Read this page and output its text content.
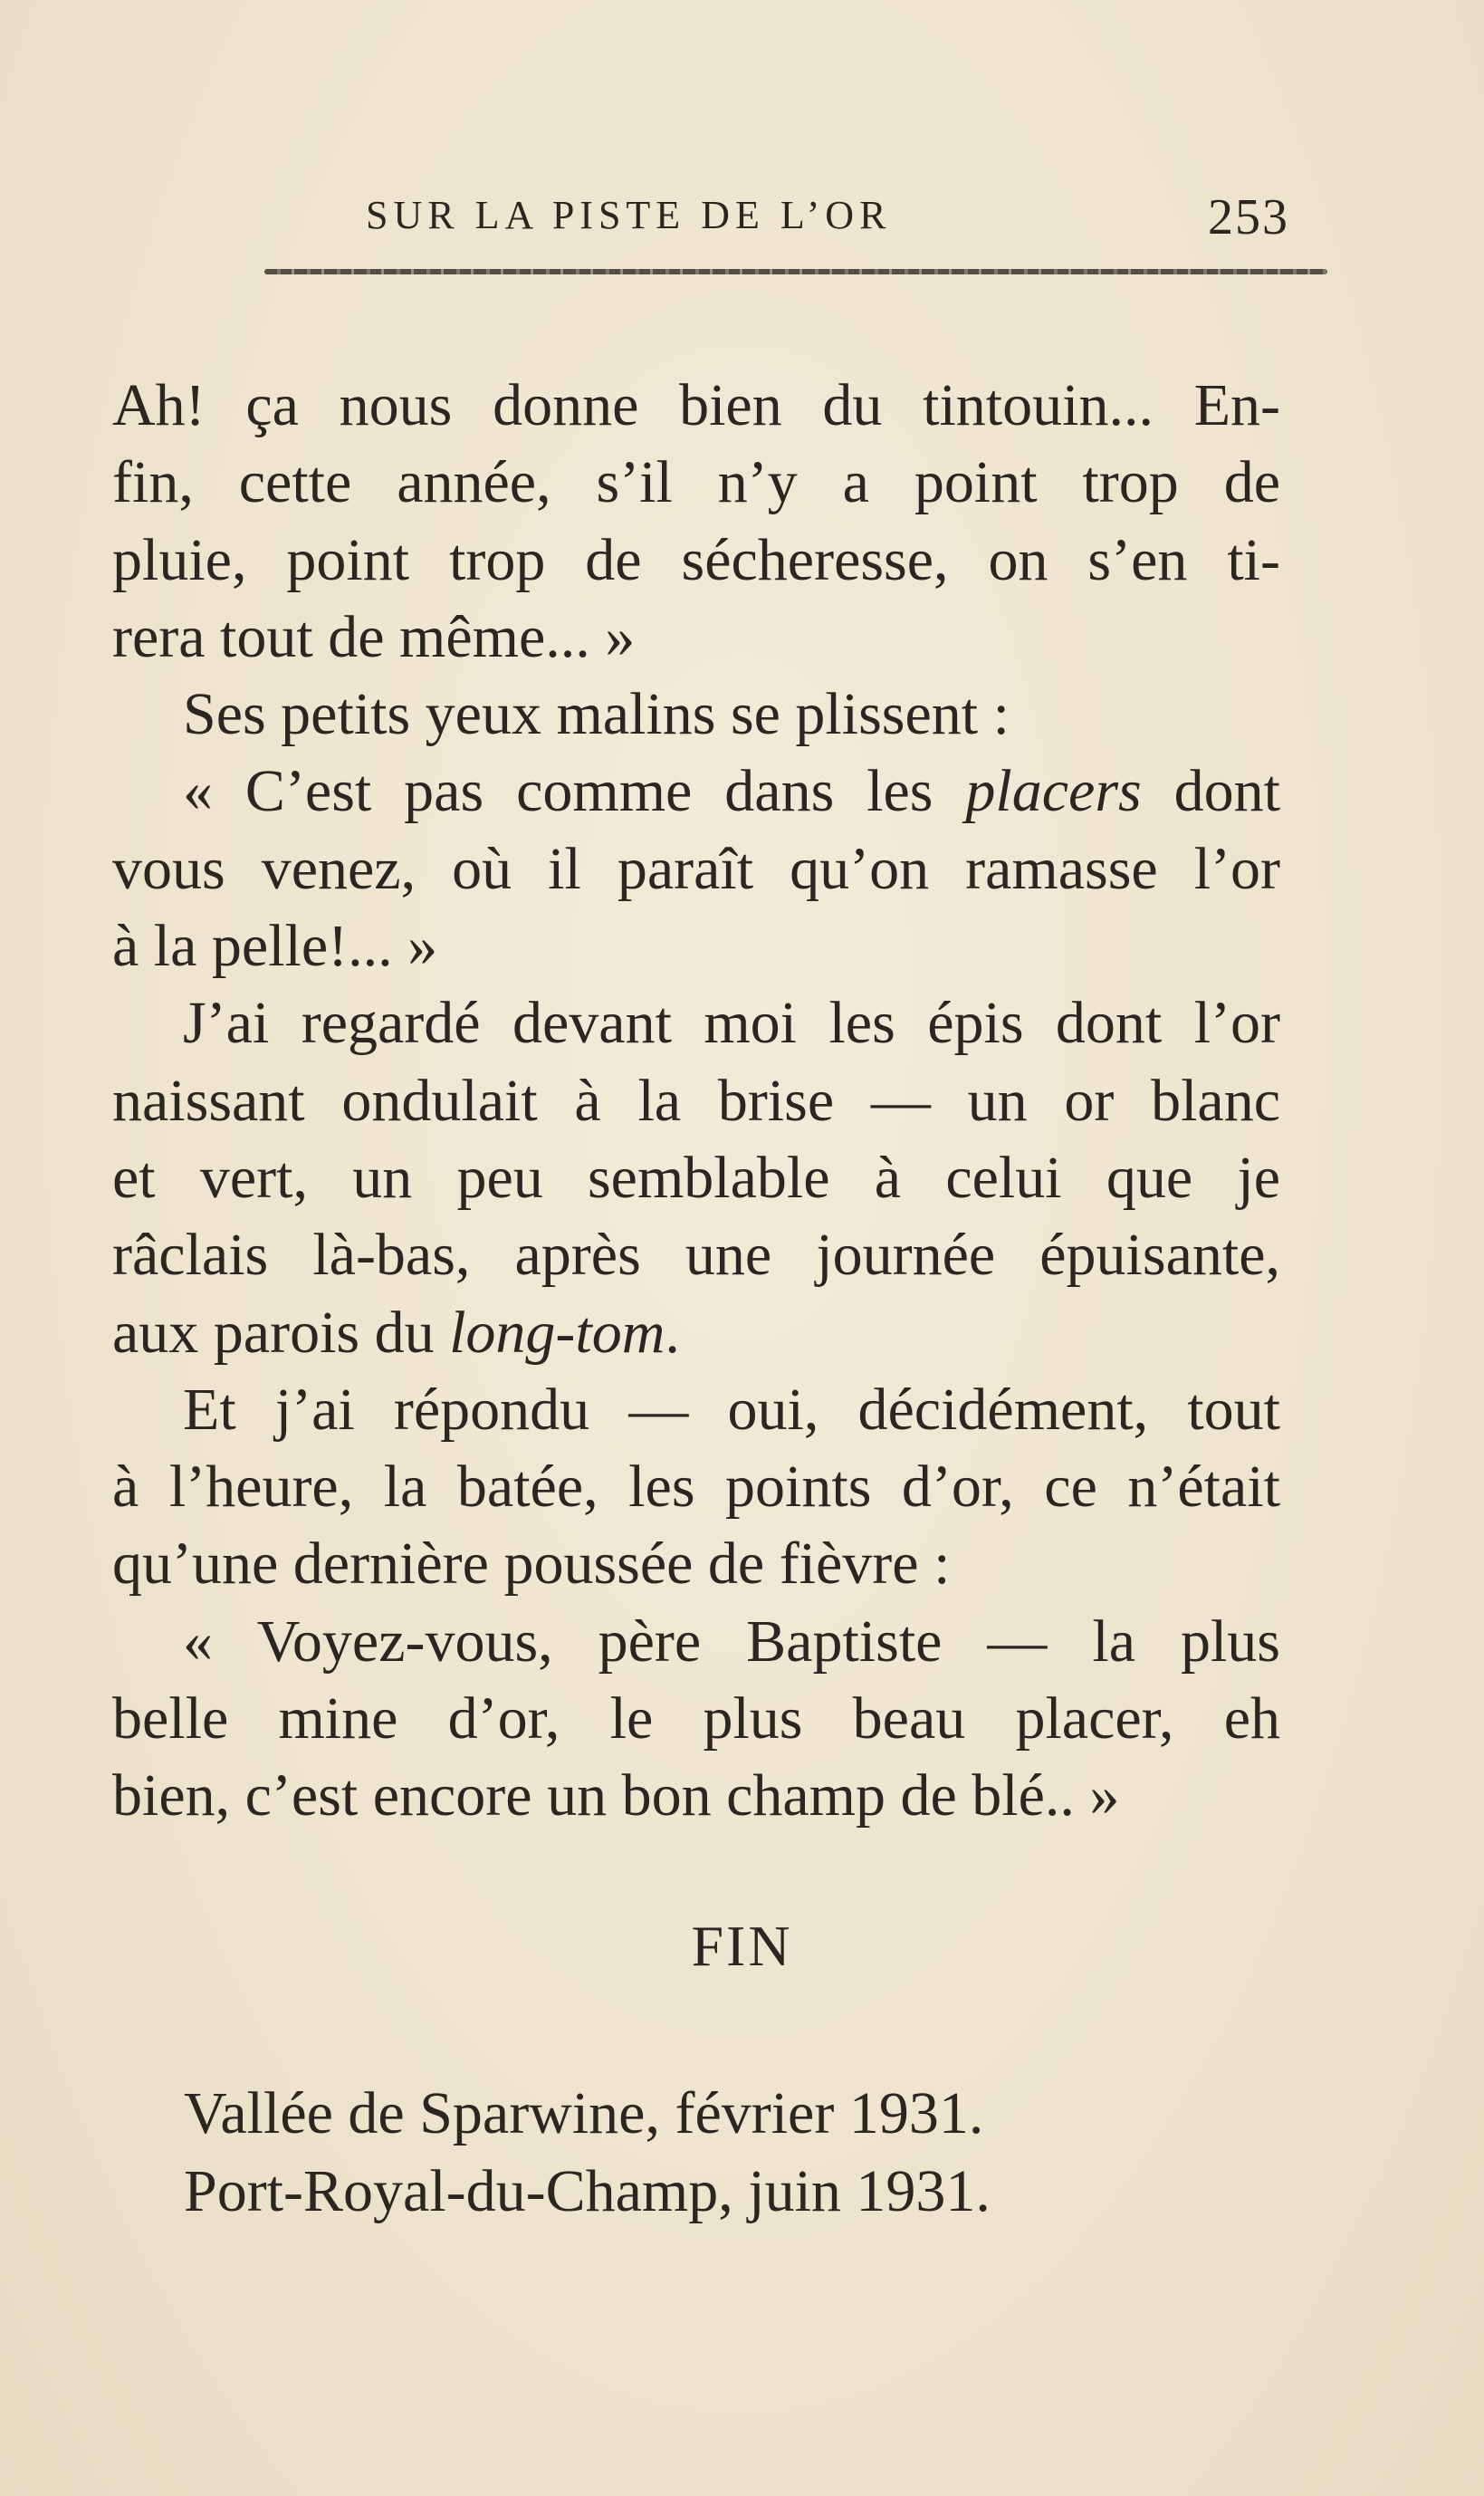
SUR LA PISTE DE L’OR	253
Ah! ça nous donne bien du tintouin... En-
fin, cette année, s’il n’y a point trop de
pluie, point trop de sécheresse, on s’en ti-
rera tout de même... »
Ses petits yeux malins se plissent :
« C’est pas comme dans les placers dont
vous venez, où il paraît qu’on ramasse l’or
à la pelle!... »
J’ai regardé devant moi les épis dont l’or
naissant ondulait à la brise — un or blanc
et vert, un peu semblable à celui que je
râclais là-bas, après une journée épuisante,
aux parois du long-tom.
Et j’ai répondu — oui, décidément, tout
à l’heure, la batée, les points d’or, ce n’était
qu’une dernière poussée de fièvre :
« Voyez-vous, père Baptiste — la plus
belle mine d’or, le plus beau placer, eh
bien, c’est encore un bon champ de blé.. »
FIN
Vallée de Sparwine, février 1931.
Port-Royal-du-Champ, juin 1931.
